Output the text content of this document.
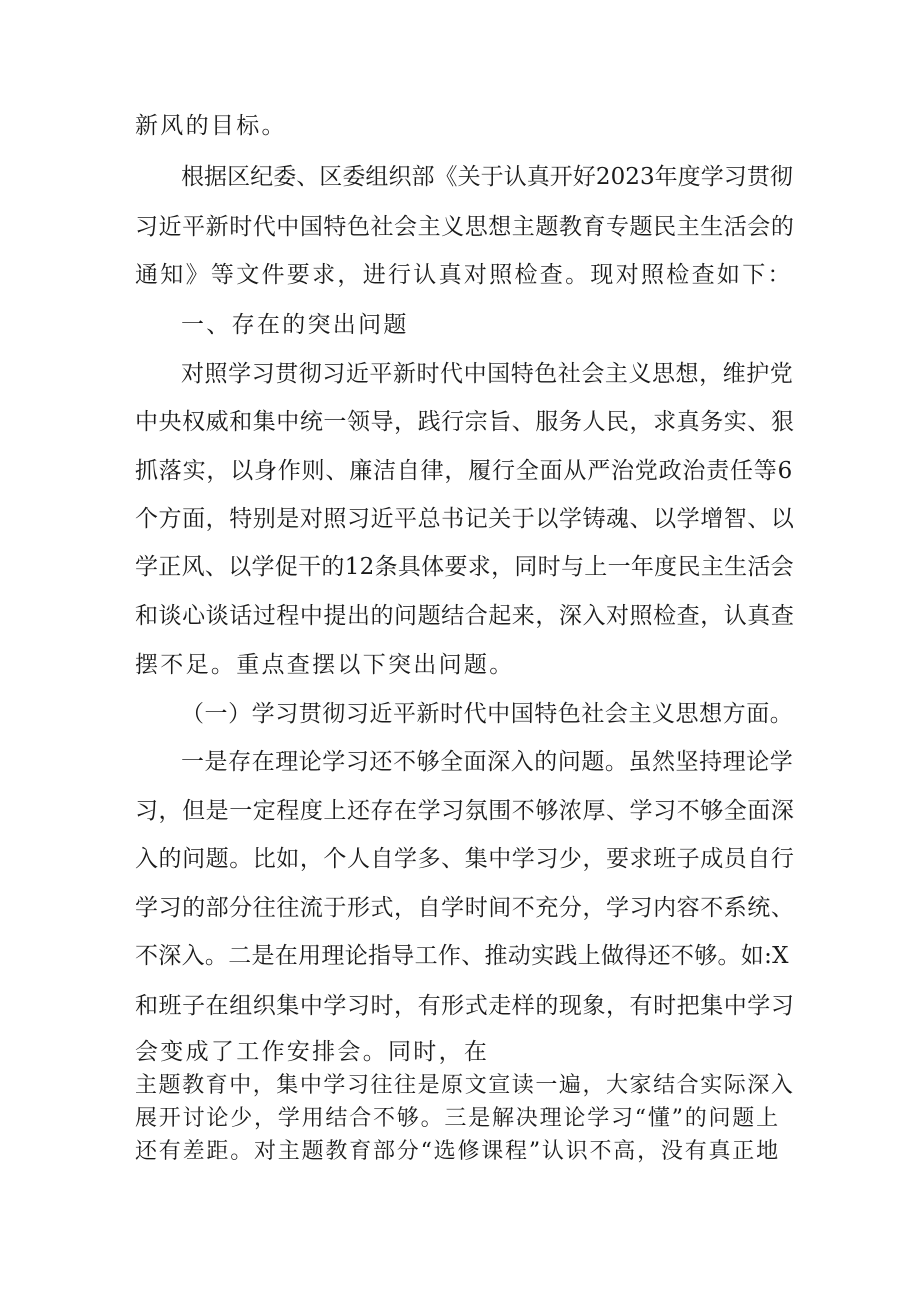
新风的目标。
根据区纪委、区委组织部《关于认真开好2023年度学习贯彻
习近平新时代中国特色社会主义思想主题教育专题民主生活会的
通知》等文件要求，进行认真对照检查。现对照检查如下：
一、存在的突出问题
对照学习贯彻习近平新时代中国特色社会主义思想，维护党
中央权威和集中统一领导，践行宗旨、服务人民，求真务实、狠
抓落实，以身作则、廉洁自律，履行全面从严治党政治责任等6
个方面，特别是对照习近平总书记关于以学铸魂、以学增智、以
学正风、以学促干的12条具体要求，同时与上一年度民主生活会
和谈心谈话过程中提出的问题结合起来，深入对照检查，认真查
摆不足。重点查摆以下突出问题。
（一）学习贯彻习近平新时代中国特色社会主义思想方面。
一是存在理论学习还不够全面深入的问题。虽然坚持理论学
习，但是一定程度上还存在学习氛围不够浓厚、学习不够全面深
入的问题。比如，个人自学多、集中学习少，要求班子成员自行
学习的部分往往流于形式，自学时间不充分，学习内容不系统、
不深入。二是在用理论指导工作、推动实践上做得还不够。如:X
和班子在组织集中学习时，有形式走样的现象，有时把集中学习
会变成了工作安排会。同时，在
主题教育中，集中学习往往是原文宣读一遍，大家结合实际深入
展开讨论少，学用结合不够。三是解决理论学习“懂”的问题上
还有差距。对主题教育部分“选修课程”认识不高，没有真正地
